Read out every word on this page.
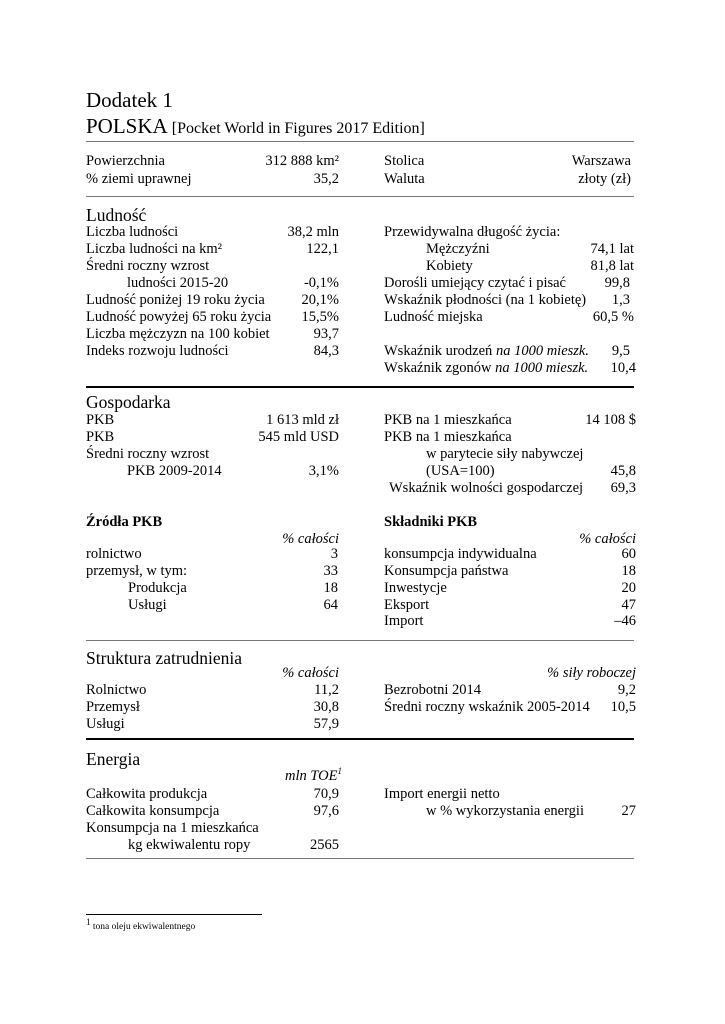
Dodatek 1
POLSKA [Pocket World in Figures 2017 Edition]
Powierzchnia	312 888 km²
% ziemi uprawnej	35,2
Stolica	Warszawa
Waluta	złoty (zł)
Ludność
Liczba ludności	38,2 mln
Liczba ludności na km²	122,1
Średni roczny wzrost
ludności 2015-20	-0,1%
Ludność poniżej 19 roku życia	20,1%
Ludność powyżej 65 roku życia	15,5%
Liczba mężczyzn na 100 kobiet	93,7
Indeks rozwoju ludności	84,3
Przewidywalna długość życia:
Mężczyźni	74,1 lat
Kobiety	81,8 lat
Dorośli umiejący czytać i pisać	99,8
Wskaźnik płodności (na 1 kobietę)	1,3
Ludność miejska	60,5 %
Wskaźnik urodzeń na 1000 mieszk.	9,5
Wskaźnik zgonów na 1000 mieszk.	10,4
Gospodarka
PKB	1 613 mld zł
PKB	545 mld USD
Średni roczny wzrost
PKB 2009-2014	3,1%
PKB na 1 mieszkańca	14 108 $
PKB na 1 mieszkańca
w parytecie siły nabywczej
(USA=100)	45,8
Wskaźnik wolności gospodarczej	69,3
Źródła PKB
% całości
rolnictwo	3
przemysł, w tym:	33
Produkcja	18
Usługi	64
Składniki PKB
% całości
konsumpcja indywidualna	60
Konsumpcja państwa	18
Inwestycje	20
Eksport	47
Import	–46
Struktura zatrudnienia
% całości	% siły roboczej
Rolnictwo	11,2
Przemysł	30,8
Usługi	57,9
Bezrobotni 2014	9,2
Średni roczny wskaźnik 2005-2014	10,5
Energia
mln TOE$^1$
Całkowita produkcja	70,9
Całkowita konsumpcja	97,6
Konsumpcja na 1 mieszkańca
kg ekwiwalentu ropy	2565
Import energii netto
w % wykorzystania energii	27
$^1$ tona oleju ekwiwalentnego
